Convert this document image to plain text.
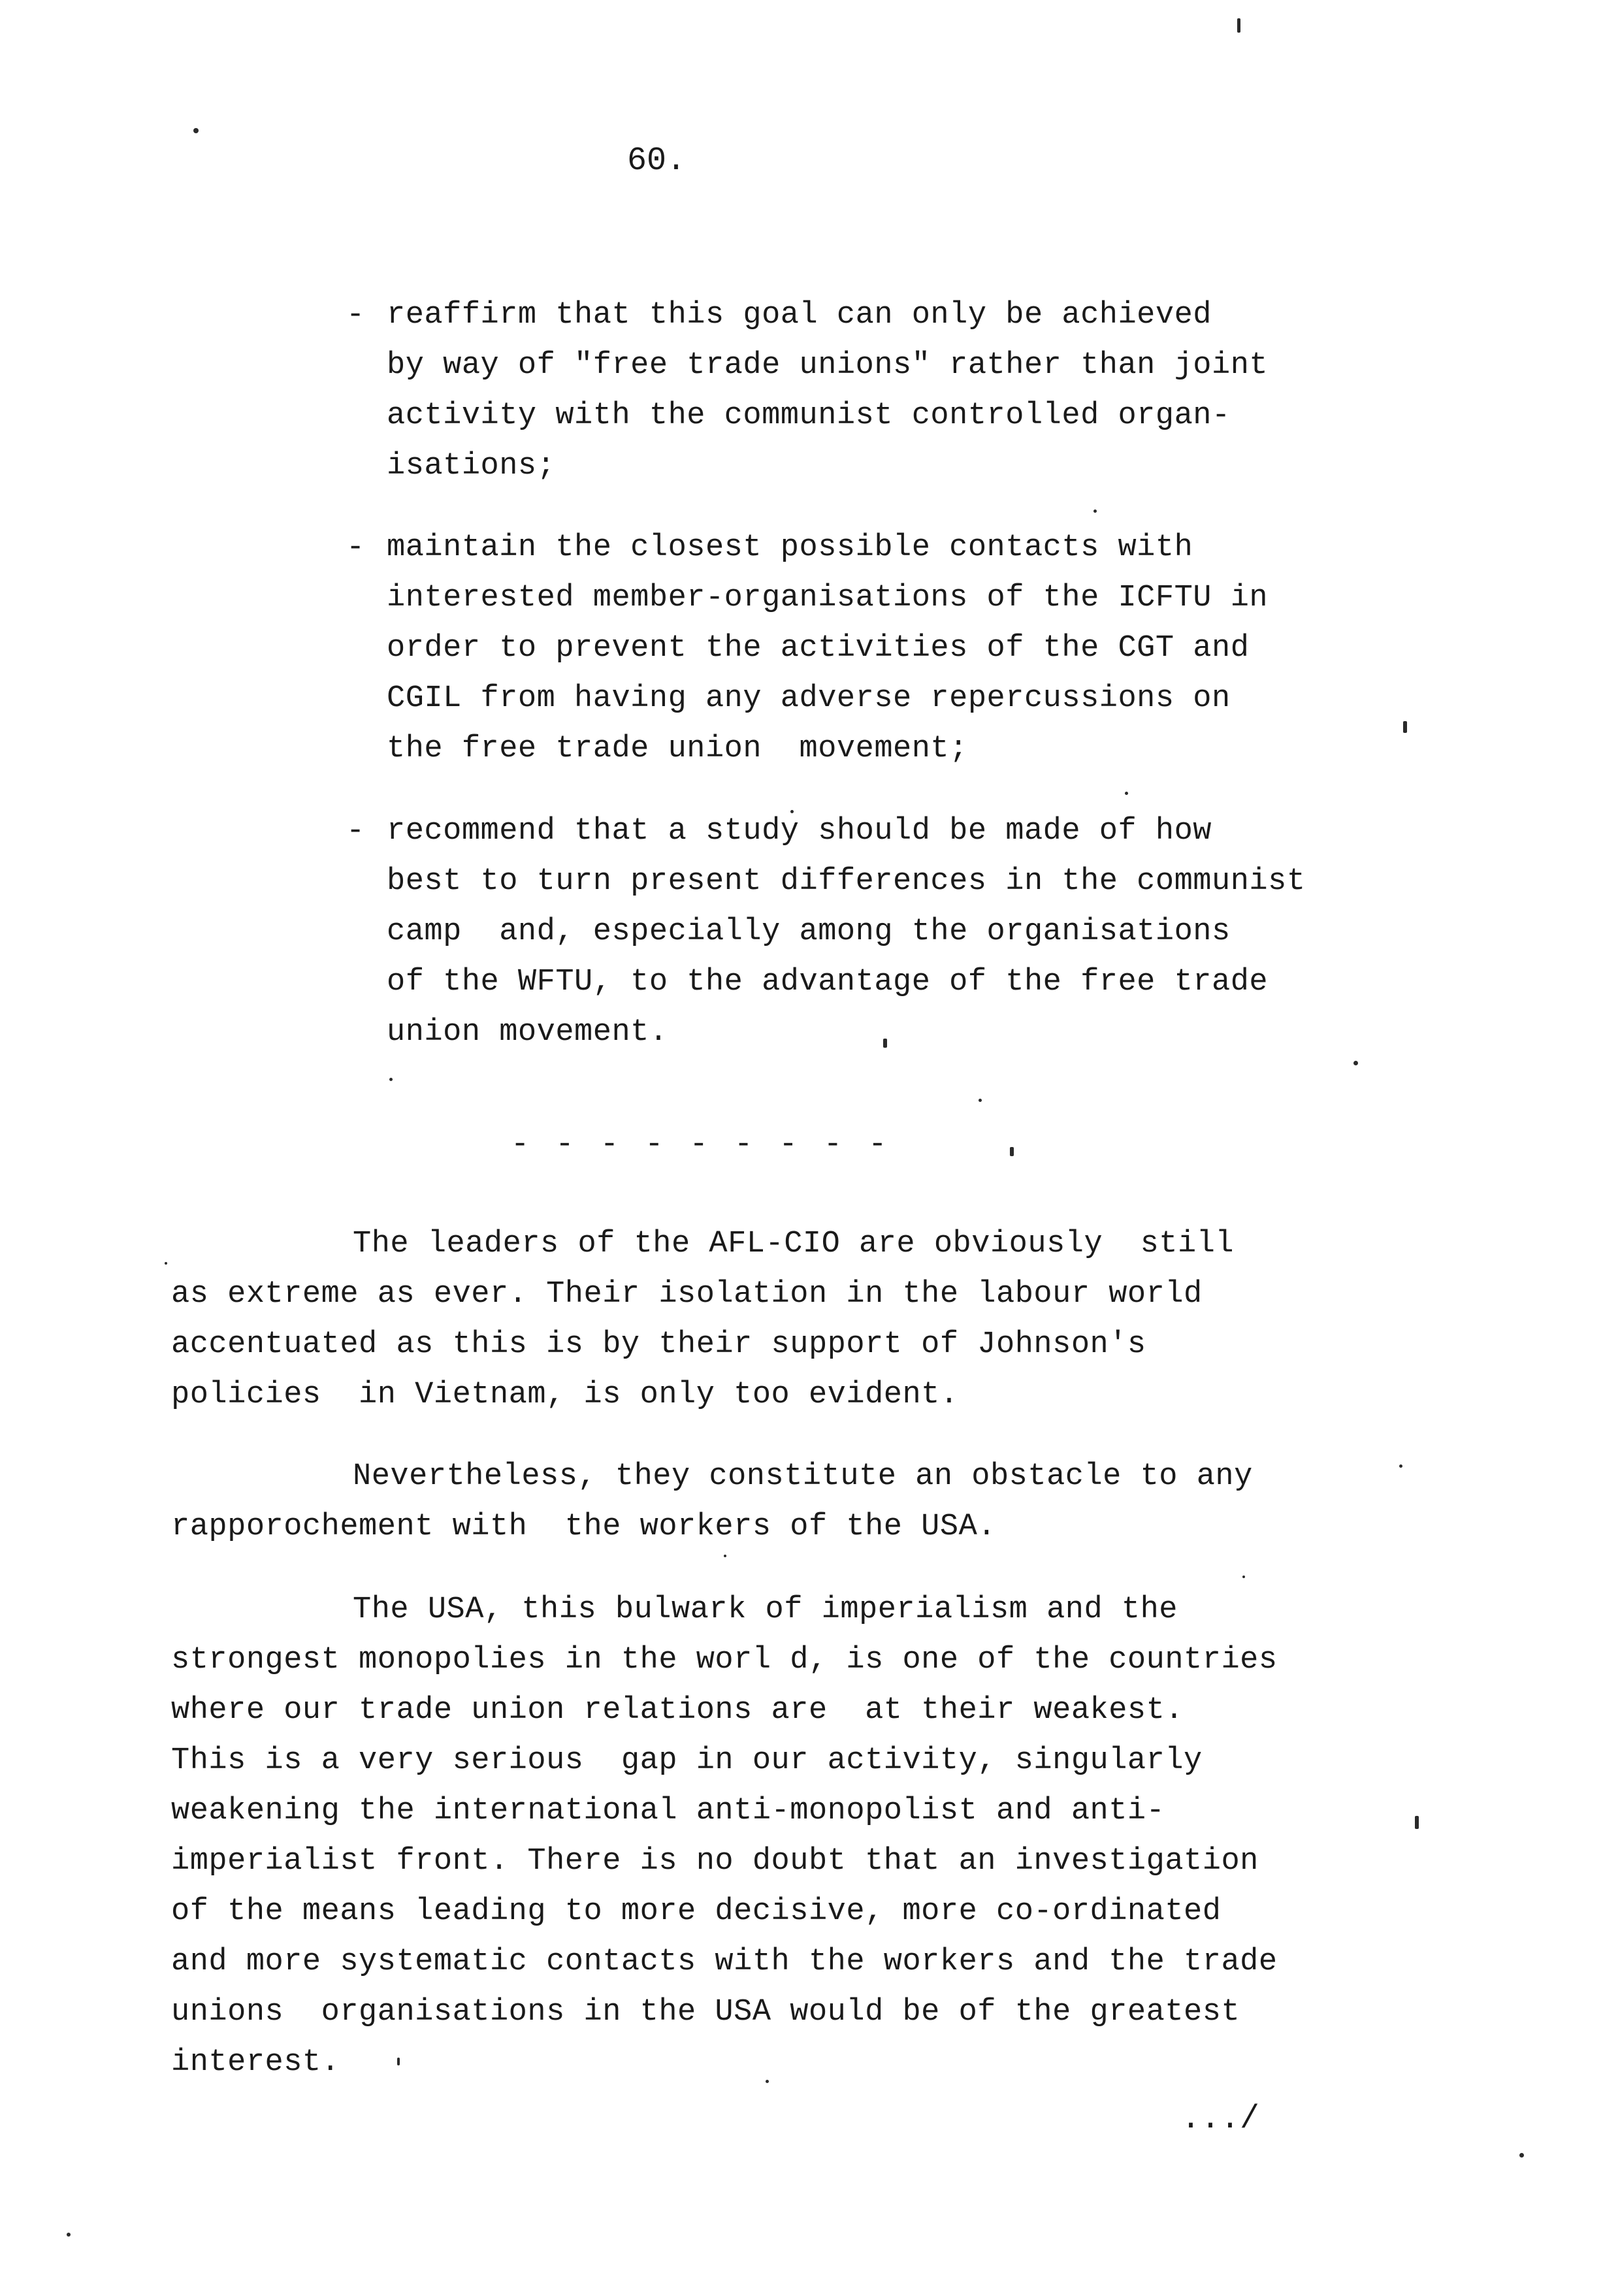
60.
- reaffirm that this goal can only be achieved
by way of "free trade unions" rather than joint
activity with the communist controlled organ-
isations;
- maintain the closest possible contacts with
interested member-organisations of the ICFTU in
order to prevent the activities of the CGT and
CGIL from having any adverse repercussions on
the free trade union  movement;
- recommend that a study should be made of how
best to turn present differences in the communist
camp  and, especially among the organisations
of the WFTU, to the advantage of the free trade
union movement.
- - - - - - - - -
The leaders of the AFL-CIO are obviously  still
as extreme as ever. Their isolation in the labour world
accentuated as this is by their support of Johnson's
policies  in Vietnam, is only too evident.
Nevertheless, they constitute an obstacle to any
rapporochement with  the workers of the USA.
The USA, this bulwark of imperialism and the
strongest monopolies in the worl d, is one of the countries
where our trade union relations are  at their weakest.
This is a very serious  gap in our activity, singularly
weakening the international anti-monopolist and anti-
imperialist front. There is no doubt that an investigation
of the means leading to more decisive, more co-ordinated
and more systematic contacts with the workers and the trade
unions  organisations in the USA would be of the greatest
interest.
.../
